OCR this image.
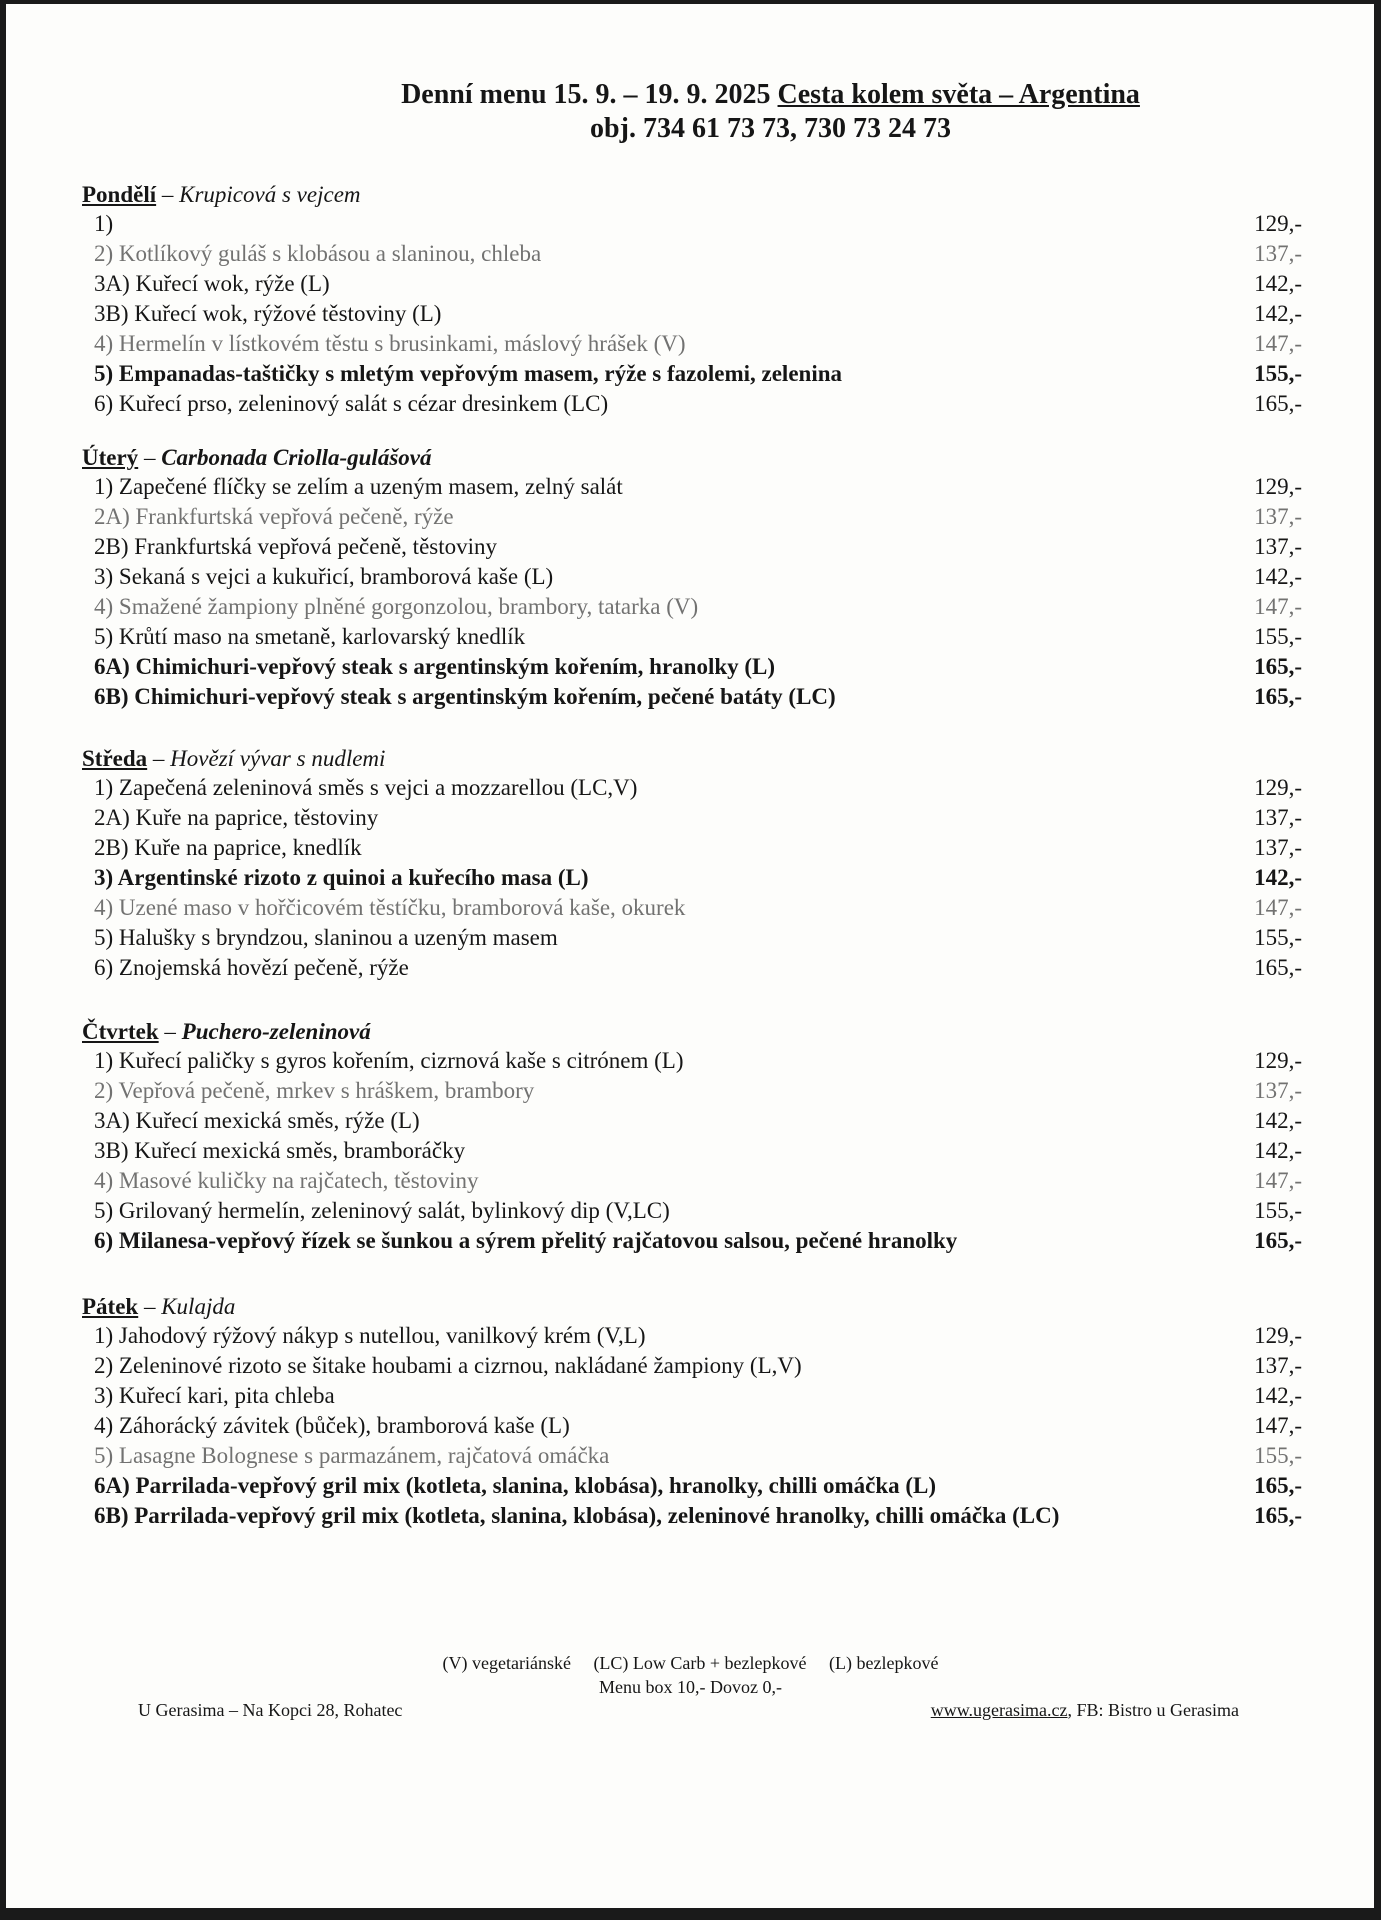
Denní menu 15. 9. – 19. 9. 2025 Cesta kolem světa – Argentina
obj. 734 61 73 73, 730 73 24 73
Pondělí – Krupicová s vejcem
1)	129,-
2) Kotlíkový guláš s klobásou a slaninou, chleba	137,-
3A) Kuřecí wok, rýže (L)	142,-
3B) Kuřecí wok, rýžové těstoviny (L)	142,-
4) Hermelín v lístkovém těstu s brusinkami, máslový hrášek (V)	147,-
5) Empanadas-taštičky s mletým vepřovým masem, rýže s fazolemi, zelenina	155,-
6) Kuřecí prso, zeleninový salát s cézar dresinkem (LC)	165,-
Úterý – Carbonada Criolla-gulášová
1) Zapečené flíčky se zelím a uzeným masem, zelný salát	129,-
2A) Frankfurtská vepřová pečeně, rýže	137,-
2B) Frankfurtská vepřová pečeně, těstoviny	137,-
3) Sekaná s vejci a kukuřicí, bramborová kaše (L)	142,-
4) Smažené žampiony plněné gorgonzolou, brambory, tatarka (V)	147,-
5) Krůtí maso na smetaně, karlovarský knedlík	155,-
6A) Chimichuri-vepřový steak s argentinským kořením, hranolky (L)	165,-
6B) Chimichuri-vepřový steak s argentinským kořením, pečené batáty (LC)	165,-
Středa – Hovězí vývar s nudlemi
1) Zapečená zeleninová směs s vejci a mozzarellou (LC,V)	129,-
2A) Kuře na paprice, těstoviny	137,-
2B) Kuře na paprice, knedlík	137,-
3) Argentinské rizoto z quinoi a kuřecího masa (L)	142,-
4) Uzené maso v hořčicovém těstíčku, bramborová kaše, okurek	147,-
5) Halušky s bryndzou, slaninou a uzeným masem	155,-
6) Znojemská hovězí pečeně, rýže	165,-
Čtvrtek – Puchero-zeleninová
1) Kuřecí paličky s gyros kořením, cizrnová kaše s citrónem (L)	129,-
2) Vepřová pečeně, mrkev s hráškem, brambory	137,-
3A) Kuřecí mexická směs, rýže (L)	142,-
3B) Kuřecí mexická směs, bramboráčky	142,-
4) Masové kuličky na rajčatech, těstoviny	147,-
5) Grilovaný hermelín, zeleninový salát, bylinkový dip (V,LC)	155,-
6) Milanesa-vepřový řízek se šunkou a sýrem přelitý rajčatovou salsou, pečené hranolky	165,-
Pátek – Kulajda
1) Jahodový rýžový nákyp s nutellou, vanilkový krém (V,L)	129,-
2) Zeleninové rizoto se šitake houbami a cizrnou, nakládané žampiony (L,V)	137,-
3) Kuřecí kari, pita chleba	142,-
4) Záhorácký závitek (bůček), bramborová kaše (L)	147,-
5) Lasagne Bolognese s parmazánem, rajčatová omáčka	155,-
6A) Parrilada-vepřový gril mix (kotleta, slanina, klobása), hranolky, chilli omáčka (L)	165,-
6B) Parrilada-vepřový gril mix (kotleta, slanina, klobása), zeleninové hranolky, chilli omáčka (LC)	165,-
(V) vegetariánské (LC) Low Carb + bezlepkové (L) bezlepkové
Menu box 10,- Dovoz 0,-
U Gerasima – Na Kopci 28, Rohatec	www.ugerasima.cz, FB: Bistro u Gerasima
